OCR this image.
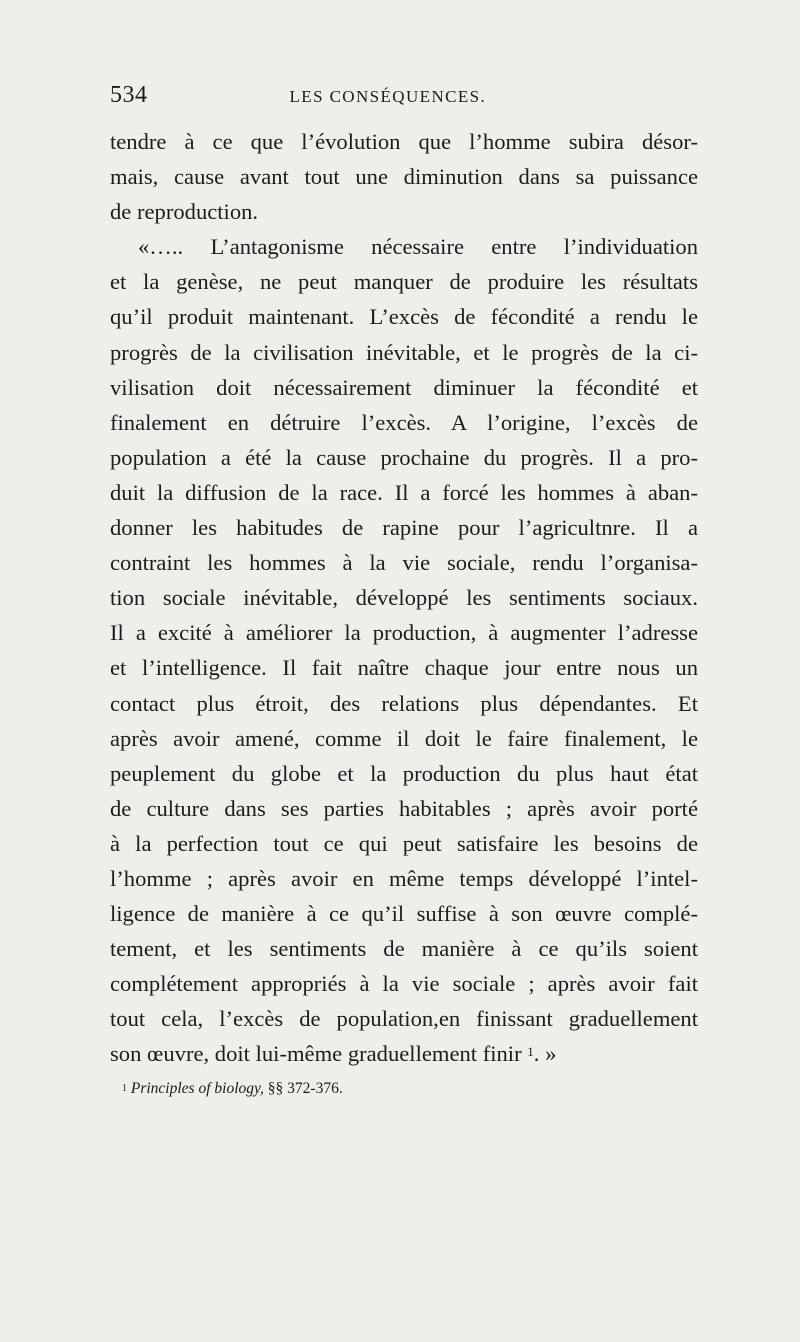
534	LES CONSÉQUENCES.
tendre à ce que l’évolution que l’homme subira désor-
mais, cause avant tout une diminution dans sa puissance
de reproduction.
«….. L’antagonisme nécessaire entre l’individuation
et la genèse, ne peut manquer de produire les résultats
qu’il produit maintenant. L’excès de fécondité a rendu le
progrès de la civilisation inévitable, et le progrès de la ci-
vilisation doit nécessairement diminuer la fécondité et
finalement en détruire l’excès. A l’origine, l’excès de
population a été la cause prochaine du progrès. Il a pro-
duit la diffusion de la race. Il a forcé les hommes à aban-
donner les habitudes de rapine pour l’agricultnre. Il a
contraint les hommes à la vie sociale, rendu l’organisa-
tion sociale inévitable, développé les sentiments sociaux.
Il a excité à améliorer la production, à augmenter l’adresse
et l’intelligence. Il fait naître chaque jour entre nous un
contact plus étroit, des relations plus dépendantes. Et
après avoir amené, comme il doit le faire finalement, le
peuplement du globe et la production du plus haut état
de culture dans ses parties habitables ; après avoir porté
à la perfection tout ce qui peut satisfaire les besoins de
l’homme ; après avoir en même temps développé l’intel-
ligence de manière à ce qu’il suffise à son œuvre complé-
tement, et les sentiments de manière à ce qu’ils soient
complétement appropriés à la vie sociale ; après avoir fait
tout cela, l’excès de population,en finissant graduellement
son œuvre, doit lui-même graduellement finir $^1$. »
$^1$ Principles of biology, §§ 372-376.
